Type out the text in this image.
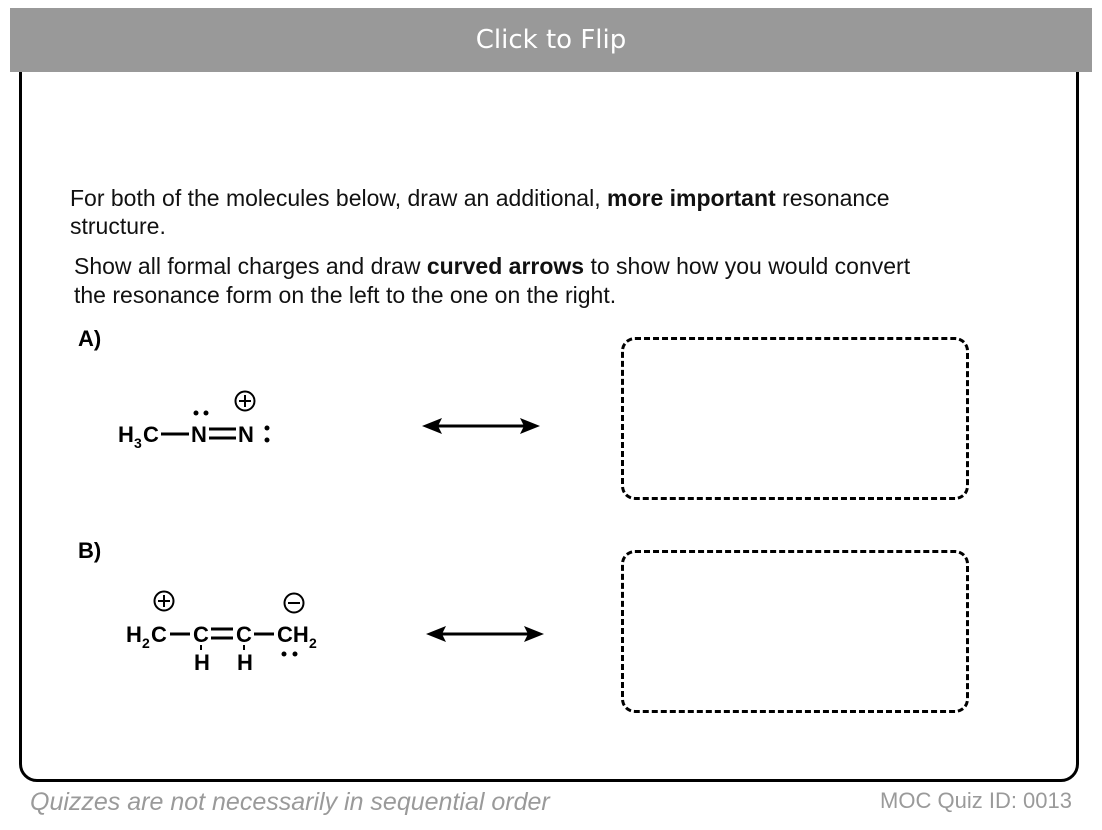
Click to Flip
For both of the molecules below, draw an additional, more important resonance
structure.
Show all formal charges and draw curved arrows to show how you would convert
the resonance form on the left to the one on the right.
A)
B)
H 3 C N N
H 2 C C C CH 2
H H
Quizzes are not necessarily in sequential order	MOC Quiz ID: 0013
